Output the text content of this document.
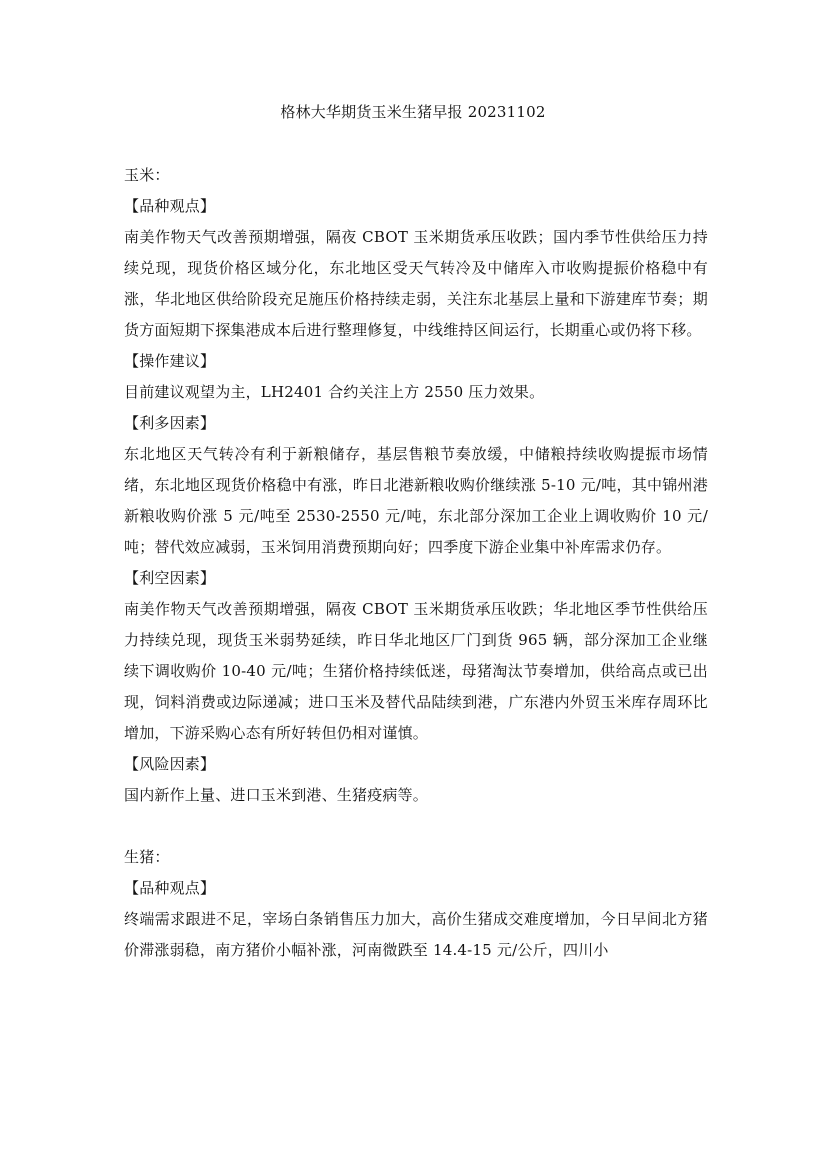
格林大华期货玉米生猪早报 20231102

玉米：

【品种观点】

南美作物天气改善预期增强，隔夜 CBOT 玉米期货承压收跌；国内季节性供给压力持续兑现，现货价格区域分化，东北地区受天气转冷及中储库入市收购提振价格稳中有涨，华北地区供给阶段充足施压价格持续走弱，关注东北基层上量和下游建库节奏；期货方面短期下探集港成本后进行整理修复，中线维持区间运行，长期重心或仍将下移。

【操作建议】

目前建议观望为主，LH2401 合约关注上方 2550 压力效果。

【利多因素】

东北地区天气转冷有利于新粮储存，基层售粮节奏放缓，中储粮持续收购提振市场情绪，东北地区现货价格稳中有涨，昨日北港新粮收购价继续涨 5-10 元/吨，其中锦州港新粮收购价涨 5 元/吨至 2530-2550 元/吨，东北部分深加工企业上调收购价 10 元/吨；替代效应减弱，玉米饲用消费预期向好；四季度下游企业集中补库需求仍存。

【利空因素】

南美作物天气改善预期增强，隔夜 CBOT 玉米期货承压收跌；华北地区季节性供给压力持续兑现，现货玉米弱势延续，昨日华北地区厂门到货 965 辆，部分深加工企业继续下调收购价 10-40 元/吨；生猪价格持续低迷，母猪淘汰节奏增加，供给高点或已出现，饲料消费或边际递减；进口玉米及替代品陆续到港，广东港内外贸玉米库存周环比增加，下游采购心态有所好转但仍相对谨慎。

【风险因素】

国内新作上量、进口玉米到港、生猪疫病等。

生猪：

【品种观点】

终端需求跟进不足，宰场白条销售压力加大，高价生猪成交难度增加，今日早间北方猪价滞涨弱稳，南方猪价小幅补涨，河南微跌至 14.4-15 元/公斤，四川小
